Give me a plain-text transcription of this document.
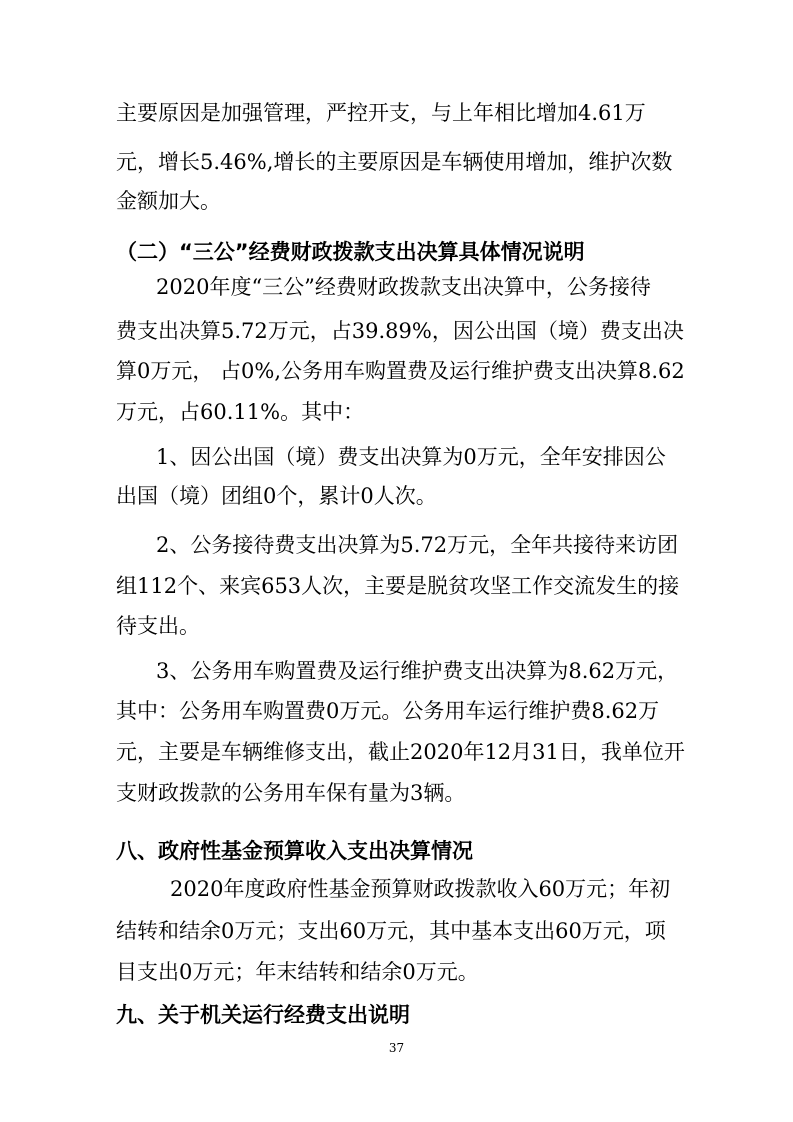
主要原因是加强管理，严控开支，与上年相比增加4.61万
元，增长5.46%,增长的主要原因是车辆使用增加，维护次数
金额加大。
（二）“三公”经费财政拨款支出决算具体情况说明
2020年度“三公”经费财政拨款支出决算中，公务接待
费支出决算5.72万元，占39.89%，因公出国（境）费支出决
算0万元， 占0%,公务用车购置费及运行维护费支出决算8.62
万元，占60.11%。其中：
1、因公出国（境）费支出决算为0万元，全年安排因公
出国（境）团组0个，累计0人次。
2、公务接待费支出决算为5.72万元，全年共接待来访团
组112个、来宾653人次，主要是脱贫攻坚工作交流发生的接
待支出。
3、公务用车购置费及运行维护费支出决算为8.62万元，
其中：公务用车购置费0万元。公务用车运行维护费8.62万
元，主要是车辆维修支出，截止2020年12月31日，我单位开
支财政拨款的公务用车保有量为3辆。
八、政府性基金预算收入支出决算情况
2020年度政府性基金预算财政拨款收入60万元；年初
结转和结余0万元；支出60万元，其中基本支出60万元，项
目支出0万元；年末结转和结余0万元。
九、关于机关运行经费支出说明
37
